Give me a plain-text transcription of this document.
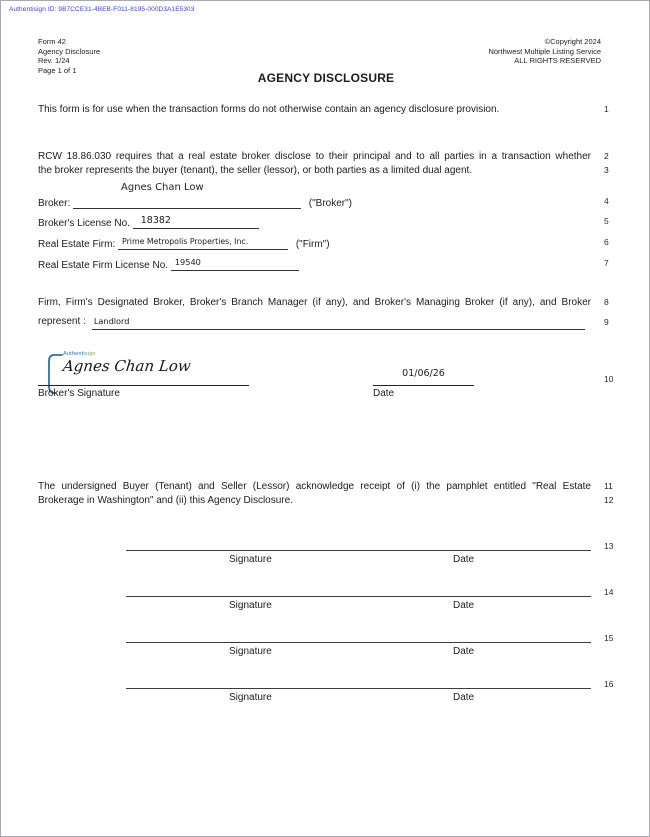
Authentisign ID: 9B7CCE31-4BEB-F011-8195-000D3A1E5303
Form 42
Agency Disclosure
Rev. 1/24
Page 1 of 1
©Copyright 2024
Northwest Multiple Listing Service
ALL RIGHTS RESERVED
AGENCY DISCLOSURE
This form is for use when the transaction forms do not otherwise contain an agency disclosure provision.	1
RCW 18.86.030 requires that a real estate broker disclose to their principal and to all parties in a transaction whether
the broker represents the buyer (tenant), the seller (lessor), or both parties as a limited dual agent.
2
3
Broker:	("Broker")
Agnes Chan Low
4
Broker's License No. 18382	5
Real Estate Firm: Prime Metropolis Properties, Inc.	("Firm")	6
Real Estate Firm License No. 19540	7
Firm, Firm's Designated Broker, Broker's Branch Manager (if any), and Broker's Managing Broker (if any), and Broker 8
represent : Landlord	9
Authentisign
Agnes Chan Low
Broker's Signature
01/06/26
Date
10
The undersigned Buyer (Tenant) and Seller (Lessor) acknowledge receipt of (i) the pamphlet entitled "Real Estate
Brokerage in Washington" and (ii) this Agency Disclosure.
11
12
13
Signature	Date
14
Signature	Date
15
Signature	Date
16
Signature	Date
